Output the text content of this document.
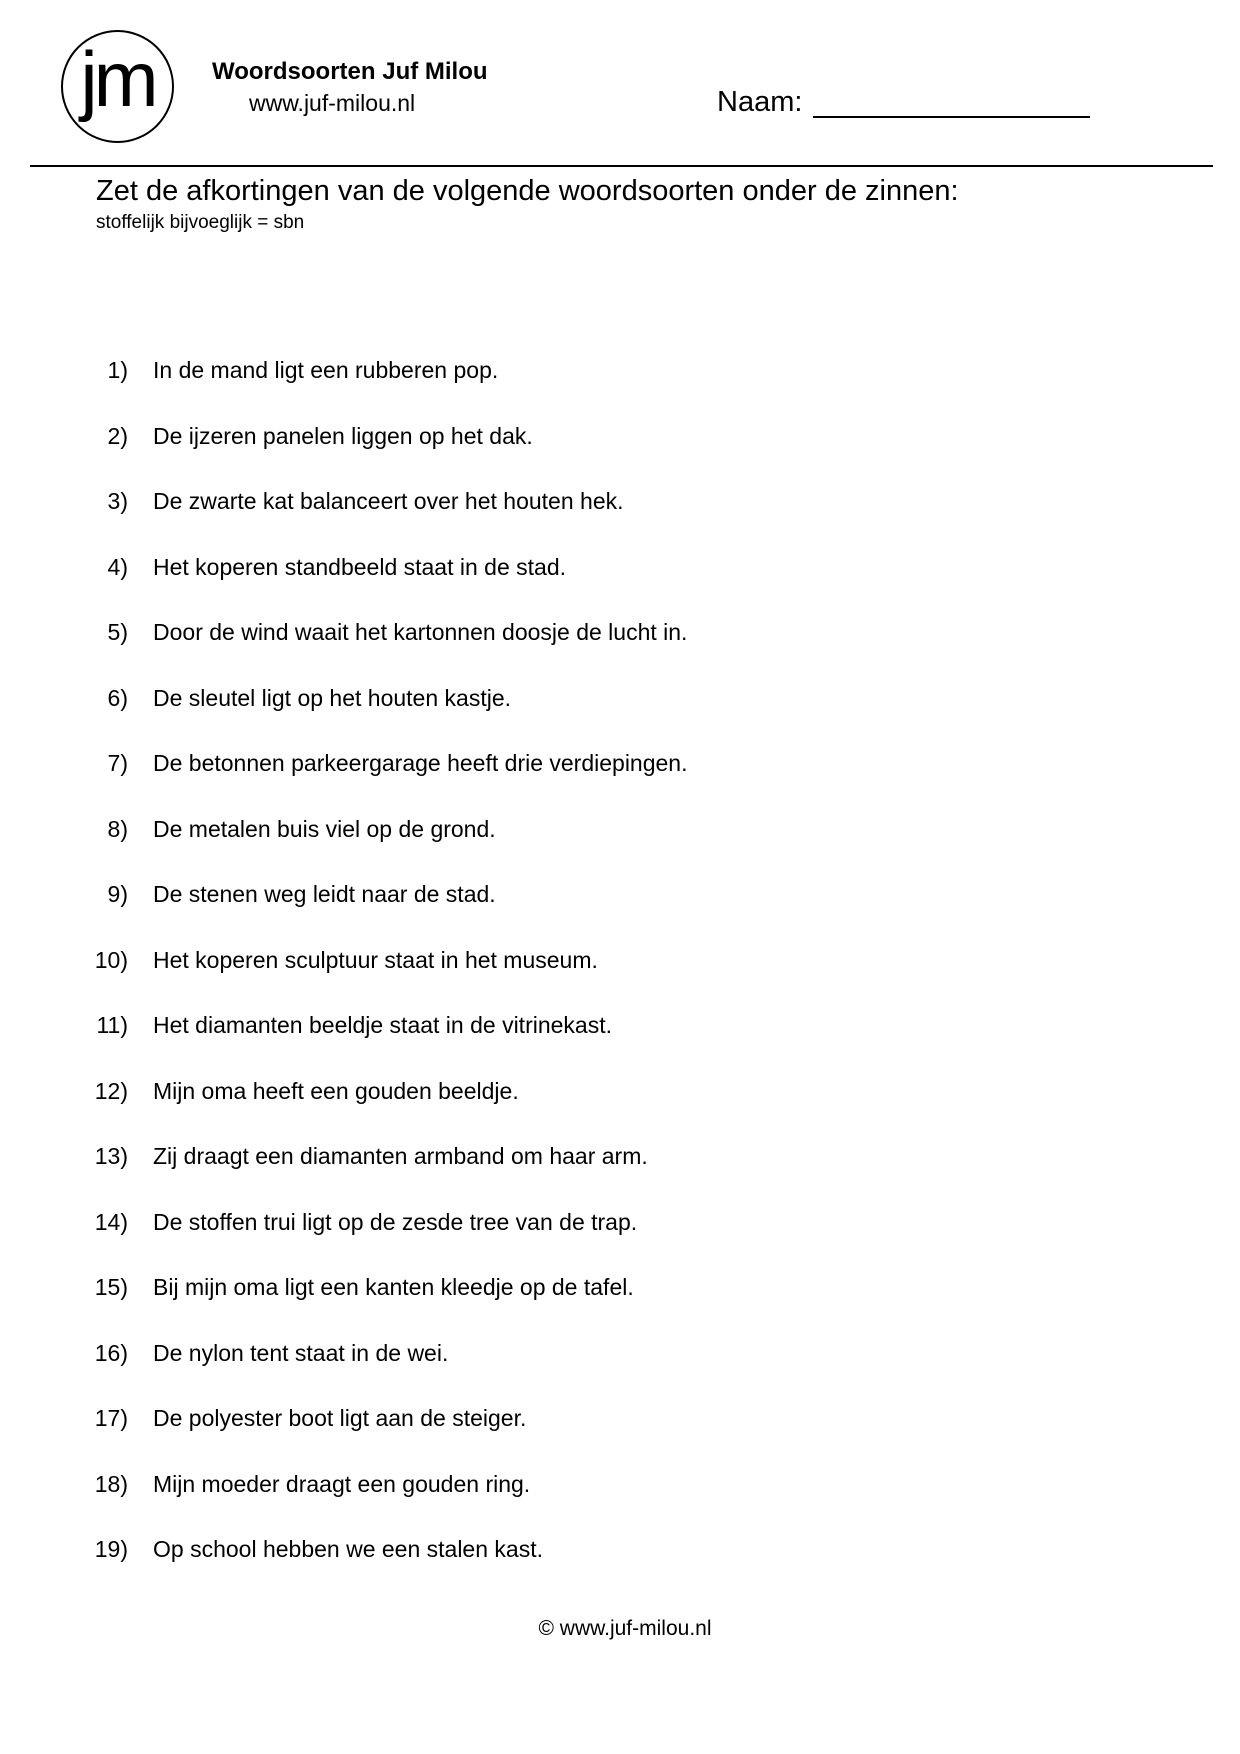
jm	Woordsoorten Juf Milou
www.juf-milou.nl	Naam:
Zet de afkortingen van de volgende woordsoorten onder de zinnen:
stoffelijk bijvoeglijk = sbn
1) In de mand ligt een rubberen pop.
2) De ijzeren panelen liggen op het dak.
3) De zwarte kat balanceert over het houten hek.
4) Het koperen standbeeld staat in de stad.
5) Door de wind waait het kartonnen doosje de lucht in.
6) De sleutel ligt op het houten kastje.
7) De betonnen parkeergarage heeft drie verdiepingen.
8) De metalen buis viel op de grond.
9) De stenen weg leidt naar de stad.
10) Het koperen sculptuur staat in het museum.
11) Het diamanten beeldje staat in de vitrinekast.
12) Mijn oma heeft een gouden beeldje.
13) Zij draagt een diamanten armband om haar arm.
14) De stoffen trui ligt op de zesde tree van de trap.
15) Bij mijn oma ligt een kanten kleedje op de tafel.
16) De nylon tent staat in de wei.
17) De polyester boot ligt aan de steiger.
18) Mijn moeder draagt een gouden ring.
19) Op school hebben we een stalen kast.
© www.juf-milou.nl
